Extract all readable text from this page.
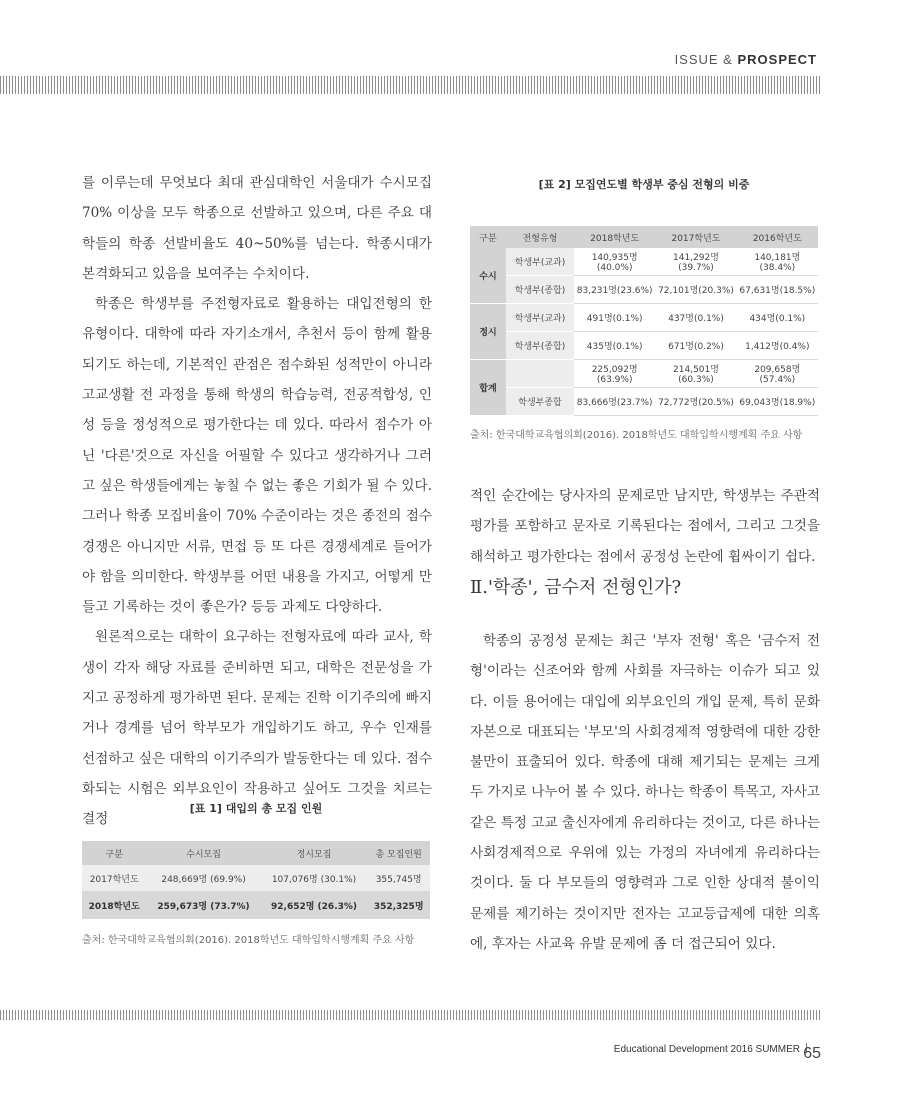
ISSUE & PROSPECT

를 이루는데 무엇보다 최대 관심대학인 서울대가 수시모집 70% 이상을 모두 학종으로 선발하고 있으며, 다른 주요 대학들의 학종 선발비율도 40~50%를 넘는다. 학종시대가 본격화되고 있음을 보여주는 수치이다.

학종은 학생부를 주전형자료로 활용하는 대입전형의 한 유형이다. 대학에 따라 자기소개서, 추천서 등이 함께 활용되기도 하는데, 기본적인 관점은 점수화된 성적만이 아니라 고교생활 전 과정을 통해 학생의 학습능력, 전공적합성, 인성 등을 정성적으로 평가한다는 데 있다. 따라서 점수가 아닌 '다른'것으로 자신을 어필할 수 있다고 생각하거나 그러고 싶은 학생들에게는 놓칠 수 없는 좋은 기회가 될 수 있다. 그러나 학종 모집비율이 70% 수준이라는 것은 종전의 점수경쟁은 아니지만 서류, 면접 등 또 다른 경쟁세계로 들어가야 함을 의미한다. 학생부를 어떤 내용을 가지고, 어떻게 만들고 기록하는 것이 좋은가? 등등 과제도 다양하다.

원론적으로는 대학이 요구하는 전형자료에 따라 교사, 학생이 각자 해당 자료를 준비하면 되고, 대학은 전문성을 가지고 공정하게 평가하면 된다. 문제는 진학 이기주의에 빠지거나 경계를 넘어 학부모가 개입하기도 하고, 우수 인재를 선점하고 싶은 대학의 이기주의가 발동한다는 데 있다. 점수화되는 시험은 외부요인이 작용하고 싶어도 그것을 치르는 결정

[표 1] 대입의 총 모집 인원
구분	수시모집	정시모집	총 모집인원
2017학년도	248,669명 (69.9%)	107,076명 (30.1%)	355,745명
2018학년도	259,673명 (73.7%)	92,652명 (26.3%)	352,325명
출처: 한국대학교육협의회(2016). 2018학년도 대학입학시행계획 주요 사항
[표 2] 모집연도별 학생부 중심 전형의 비중
구분	전형유형	2018학년도	2017학년도	2016학년도
수시	학생부(교과)	140,935명(40.0%)	141,292명(39.7%)	140,181명(38.4%)
	학생부(종합)	83,231명(23.6%)	72,101명(20.3%)	67,631명(18.5%)
정시	학생부(교과)	491명(0.1%)	437명(0.1%)	434명(0.1%)
	학생부(종합)	435명(0.1%)	671명(0.2%)	1,412명(0.4%)
합계		225,092명(63.9%)	214,501명(60.3%)	209,658명(57.4%)
	학생부종합	83,666명(23.7%)	72,772명(20.5%)	69,043명(18.9%)
출처: 한국대학교육협의회(2016). 2018학년도 대학입학시행계획 주요 사항

적인 순간에는 당사자의 문제로만 남지만, 학생부는 주관적 평가를 포함하고 문자로 기록된다는 점에서, 그리고 그것을 해석하고 평가한다는 점에서 공정성 논란에 휩싸이기 쉽다.

Ⅱ.'학종', 금수저 전형인가?

학종의 공정성 문제는 최근 '부자 전형' 혹은 '금수저 전형'이라는 신조어와 함께 사회를 자극하는 이슈가 되고 있다. 이들 용어에는 대입에 외부요인의 개입 문제, 특히 문화자본으로 대표되는 '부모'의 사회경제적 영향력에 대한 강한 불만이 표출되어 있다. 학종에 대해 제기되는 문제는 크게 두 가지로 나누어 볼 수 있다. 하나는 학종이 특목고, 자사고 같은 특정 고교 출신자에게 유리하다는 것이고, 다른 하나는 사회경제적으로 우위에 있는 가정의 자녀에게 유리하다는 것이다. 둘 다 부모들의 영향력과 그로 인한 상대적 불이익 문제를 제기하는 것이지만 전자는 고교등급제에 대한 의혹에, 후자는 사교육 유발 문제에 좀 더 접근되어 있다.

Educational Development 2016 SUMMER 65
